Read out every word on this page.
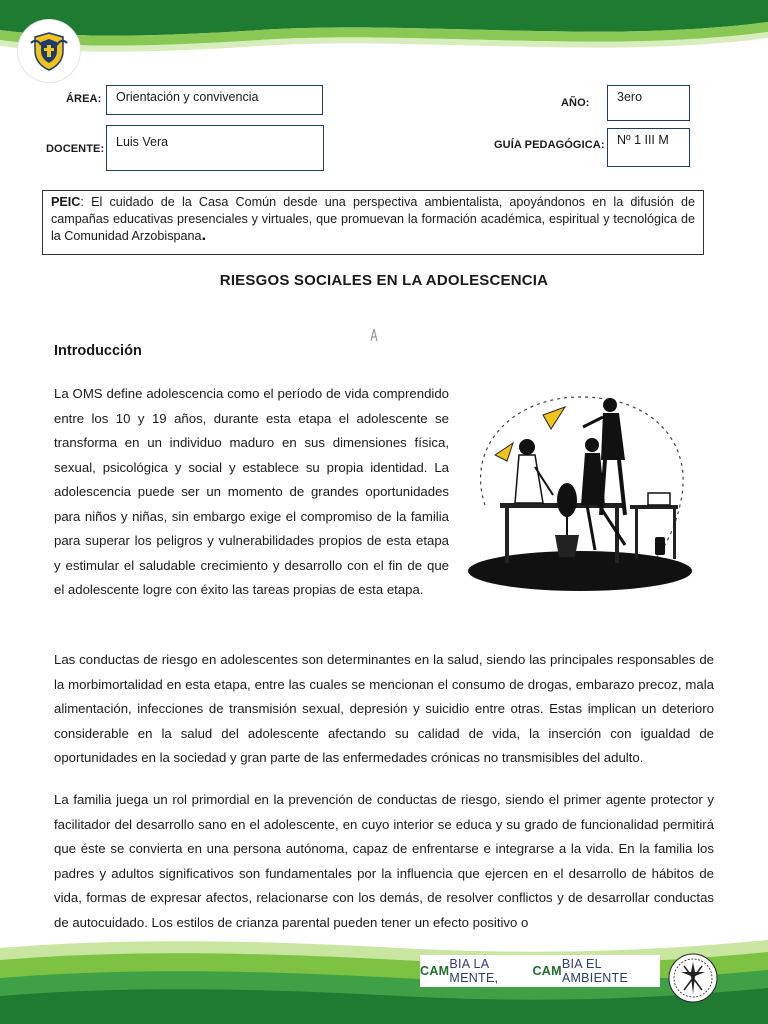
ÁREA:	Orientación y convivencia	AÑO:	3ero
DOCENTE: Luis Vera	GUÍA PEDAGÓGICA: Nº 1 III M
PEIC: El cuidado de la Casa Común desde una perspectiva ambientalista, apoyándonos en la difusión de campañas educativas presenciales y virtuales, que promuevan la formación académica, espiritual y tecnológica de la Comunidad Arzobispana.
RIESGOS SOCIALES EN LA ADOLESCENCIA
Introducción
La OMS define adolescencia como el período de vida comprendido entre los 10 y 19 años, durante esta etapa el adolescente se transforma en un individuo maduro en sus dimensiones física, sexual, psicológica y social y establece su propia identidad. La adolescencia puede ser un momento de grandes oportunidades para niños y niñas, sin embargo exige el compromiso de la familia para superar los peligros y vulnerabilidades propios de esta etapa y estimular el saludable crecimiento y desarrollo con el fin de que el adolescente logre con éxito las tareas propias de esta etapa.
Las conductas de riesgo en adolescentes son determinantes en la salud, siendo las principales responsables de la morbimortalidad en esta etapa, entre las cuales se mencionan el consumo de drogas, embarazo precoz, mala alimentación, infecciones de transmisión sexual, depresión y suicidio entre otras. Estas implican un deterioro considerable en la salud del adolescente afectando su calidad de vida, la inserción con igualdad de oportunidades en la sociedad y gran parte de las enfermedades crónicas no transmisibles del adulto.
La familia juega un rol primordial en la prevención de conductas de riesgo, siendo el primer agente protector y facilitador del desarrollo sano en el adolescente, en cuyo interior se educa y su grado de funcionalidad permitirá que éste se convierta en una persona autónoma, capaz de enfrentarse e integrarse a la vida. En la familia los padres y adultos significativos son fundamentales por la influencia que ejercen en el desarrollo de hábitos de vida, formas de expresar afectos, relacionarse con los demás, de resolver conflictos y de desarrollar conductas de autocuidado. Los estilos de crianza parental pueden tener un efecto positivo o
CAM BIA LA MENTE,	CAM BIA EL AMBIENTE
